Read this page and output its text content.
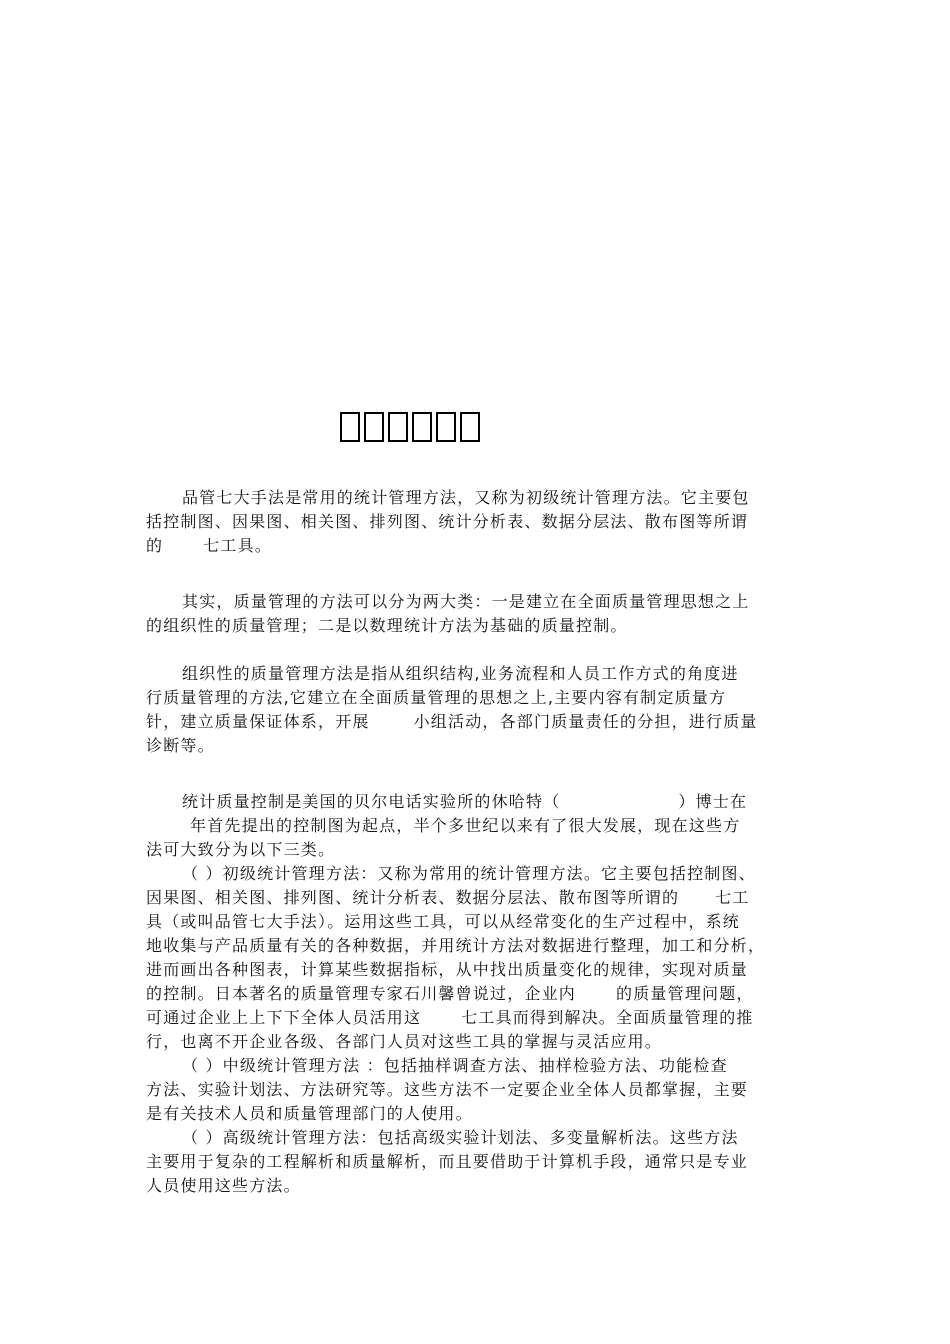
品管七大手法是常用的统计管理方法，又称为初级统计管理方法。它主要包

括控制图、因果图、相关图、排列图、统计分析表、数据分层法、散布图等所谓

的	七工具。

其实，质量管理的方法可以分为两大类：一是建立在全面质量管理思想之上

的组织性的质量管理；二是以数理统计方法为基础的质量控制。

组织性的质量管理方法是指从组织结构,业务流程和人员工作方式的角度进

行质量管理的方法,它建立在全面质量管理的思想之上,主要内容有制定质量方

针，建立质量保证体系，开展	小组活动，各部门质量责任的分担，进行质量

诊断等。

统计质量控制是美国的贝尔电话实验所的休哈特（	）博士在

年首先提出的控制图为起点，半个多世纪以来有了很大发展，现在这些方

法可大致分为以下三类。

（ ）初级统计管理方法：又称为常用的统计管理方法。它主要包括控制图、

因果图、相关图、排列图、统计分析表、数据分层法、散布图等所谓的 七工

具（或叫品管七大手法）。运用这些工具，可以从经常变化的生产过程中，系统

地收集与产品质量有关的各种数据，并用统计方法对数据进行整理，加工和分析，

进而画出各种图表，计算某些数据指标，从中找出质量变化的规律，实现对质量

的控制。日本著名的质量管理专家石川馨曾说过，企业内	的质量管理问题，

可通过企业上上下下全体人员活用这	七工具而得到解决。全面质量管理的推

行，也离不开企业各级、各部门人员对这些工具的掌握与灵活应用。

（ ）中级统计管理方法 ：包括抽样调查方法、抽样检验方法、功能检查

方法、实验计划法、方法研究等。这些方法不一定要企业全体人员都掌握，主要

是有关技术人员和质量管理部门的人使用。

（ ）高级统计管理方法：包括高级实验计划法、多变量解析法。这些方法

主要用于复杂的工程解析和质量解析，而且要借助于计算机手段，通常只是专业

人员使用这些方法。
